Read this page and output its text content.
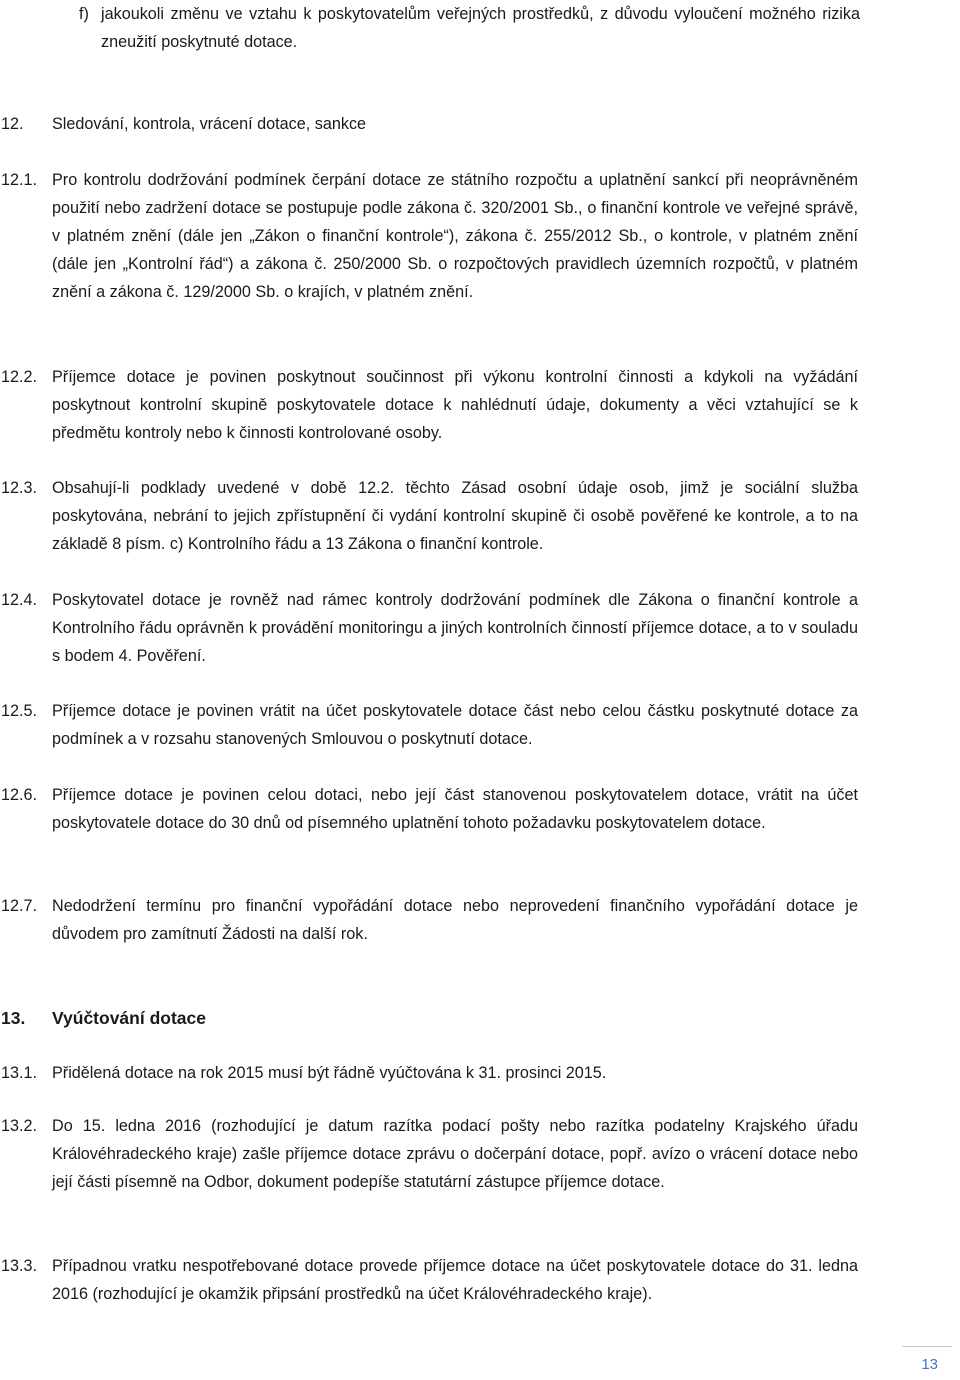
f) jakoukoli změnu ve vztahu k poskytovatelům veřejných prostředků, z důvodu vyloučení možného rizika zneužití poskytnuté dotace.
12. Sledování, kontrola, vrácení dotace, sankce
12.1. Pro kontrolu dodržování podmínek čerpání dotace ze státního rozpočtu a uplatnění sankcí při neoprávněném použití nebo zadržení dotace se postupuje podle zákona č. 320/2001 Sb., o finanční kontrole ve veřejné správě, v platném znění (dále jen „Zákon o finanční kontrole“), zákona č. 255/2012 Sb., o kontrole, v platném znění (dále jen „Kontrolní řád“) a zákona č. 250/2000 Sb. o rozpočtových pravidlech územních rozpočtů, v platném znění a zákona č. 129/2000 Sb. o krajích, v platném znění.
12.2. Příjemce dotace je povinen poskytnout součinnost při výkonu kontrolní činnosti a kdykoli na vyžádání poskytnout kontrolní skupině poskytovatele dotace k nahlédnutí údaje, dokumenty a věci vztahující se k předmětu kontroly nebo k činnosti kontrolované osoby.
12.3. Obsahují-li podklady uvedené v době 12.2. těchto Zásad osobní údaje osob, jimž je sociální služba poskytována, nebrání to jejich zpřístupnění či vydání kontrolní skupině či osobě pověřené ke kontrole, a to na základě 8 písm. c) Kontrolního řádu a 13 Zákona o finanční kontrole.
12.4. Poskytovatel dotace je rovněž nad rámec kontroly dodržování podmínek dle Zákona o finanční kontrole a Kontrolního řádu oprávněn k provádění monitoringu a jiných kontrolních činností příjemce dotace, a to v souladu s bodem 4. Pověření.
12.5. Příjemce dotace je povinen vrátit na účet poskytovatele dotace část nebo celou částku poskytnuté dotace za podmínek a v rozsahu stanovených Smlouvou o poskytnutí dotace.
12.6. Příjemce dotace je povinen celou dotaci, nebo její část stanovenou poskytovatelem dotace, vrátit na účet poskytovatele dotace do 30 dnů od písemného uplatnění tohoto požadavku poskytovatelem dotace.
12.7. Nedodržení termínu pro finanční vypořádání dotace nebo neprovedení finančního vypořádání dotace je důvodem pro zamítnutí Žádosti na další rok.
13. Vyúčtování dotace
13.1. Přidělená dotace na rok 2015 musí být řádně vyúčtována k 31. prosinci 2015.
13.2. Do 15. ledna 2016 (rozhodující je datum razítka podací pošty nebo razítka podatelny Krajského úřadu Královéhradeckého kraje) zašle příjemce dotace zprávu o dočerpání dotace, popř. avízo o vrácení dotace nebo její části písemně na Odbor, dokument podepíše statutární zástupce příjemce dotace.
13.3. Případnou vratku nespotřebované dotace provede příjemce dotace na účet poskytovatele dotace do 31. ledna 2016 (rozhodující je okamžik připsání prostředků na účet Královéhradeckého kraje).
13
